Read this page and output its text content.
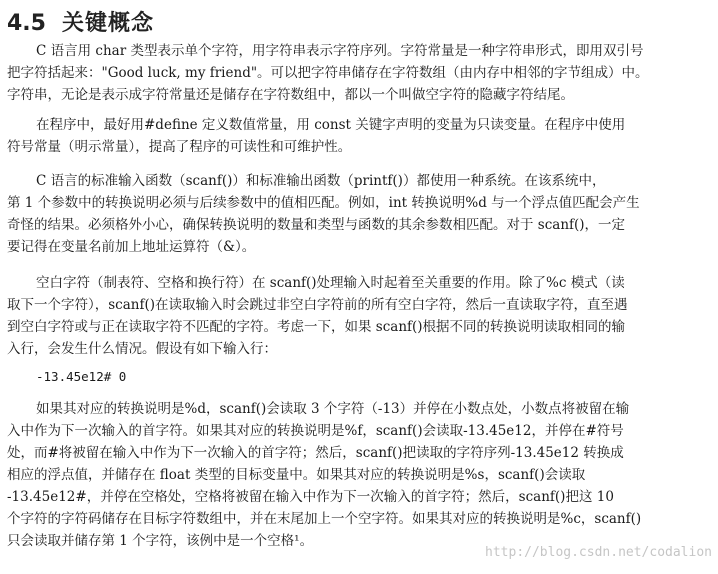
4.5 关键概念
C 语言用 char 类型表示单个字符，用字符串表示字符序列。字符常量是一种字符串形式，即用双引号
把字符括起来："Good luck, my friend"。可以把字符串储存在字符数组（由内存中相邻的字节组成）中。
字符串，无论是表示成字符常量还是储存在字符数组中，都以一个叫做空字符的隐藏字符结尾。
在程序中，最好用#define 定义数值常量，用 const 关键字声明的变量为只读变量。在程序中使用
符号常量（明示常量），提高了程序的可读性和可维护性。
C 语言的标准输入函数（scanf()）和标准输出函数（printf()）都使用一种系统。在该系统中，
第 1 个参数中的转换说明必须与后续参数中的值相匹配。例如，int 转换说明%d 与一个浮点值匹配会产生
奇怪的结果。必须格外小心，确保转换说明的数量和类型与函数的其余参数相匹配。对于 scanf()，一定
要记得在变量名前加上地址运算符（&）。
空白字符（制表符、空格和换行符）在 scanf()处理输入时起着至关重要的作用。除了%c 模式（读
取下一个字符），scanf()在读取输入时会跳过非空白字符前的所有空白字符，然后一直读取字符，直至遇
到空白字符或与正在读取字符不匹配的字符。考虑一下，如果 scanf()根据不同的转换说明读取相同的输
入行，会发生什么情况。假设有如下输入行：
-13.45e12# 0
如果其对应的转换说明是%d，scanf()会读取 3 个字符（-13）并停在小数点处，小数点将被留在输
入中作为下一次输入的首字符。如果其对应的转换说明是%f，scanf()会读取-13.45e12，并停在#符号
处，而#将被留在输入中作为下一次输入的首字符；然后，scanf()把读取的字符序列-13.45e12 转换成
相应的浮点值，并储存在 float 类型的目标变量中。如果其对应的转换说明是%s，scanf()会读取
-13.45e12#，并停在空格处，空格将被留在输入中作为下一次输入的首字符；然后，scanf()把这 10
个字符的字符码储存在目标字符数组中，并在末尾加上一个空字符。如果其对应的转换说明是%c，scanf()
只会读取并储存第 1 个字符，该例中是一个空格¹。
http://blog.csdn.net/codalion
